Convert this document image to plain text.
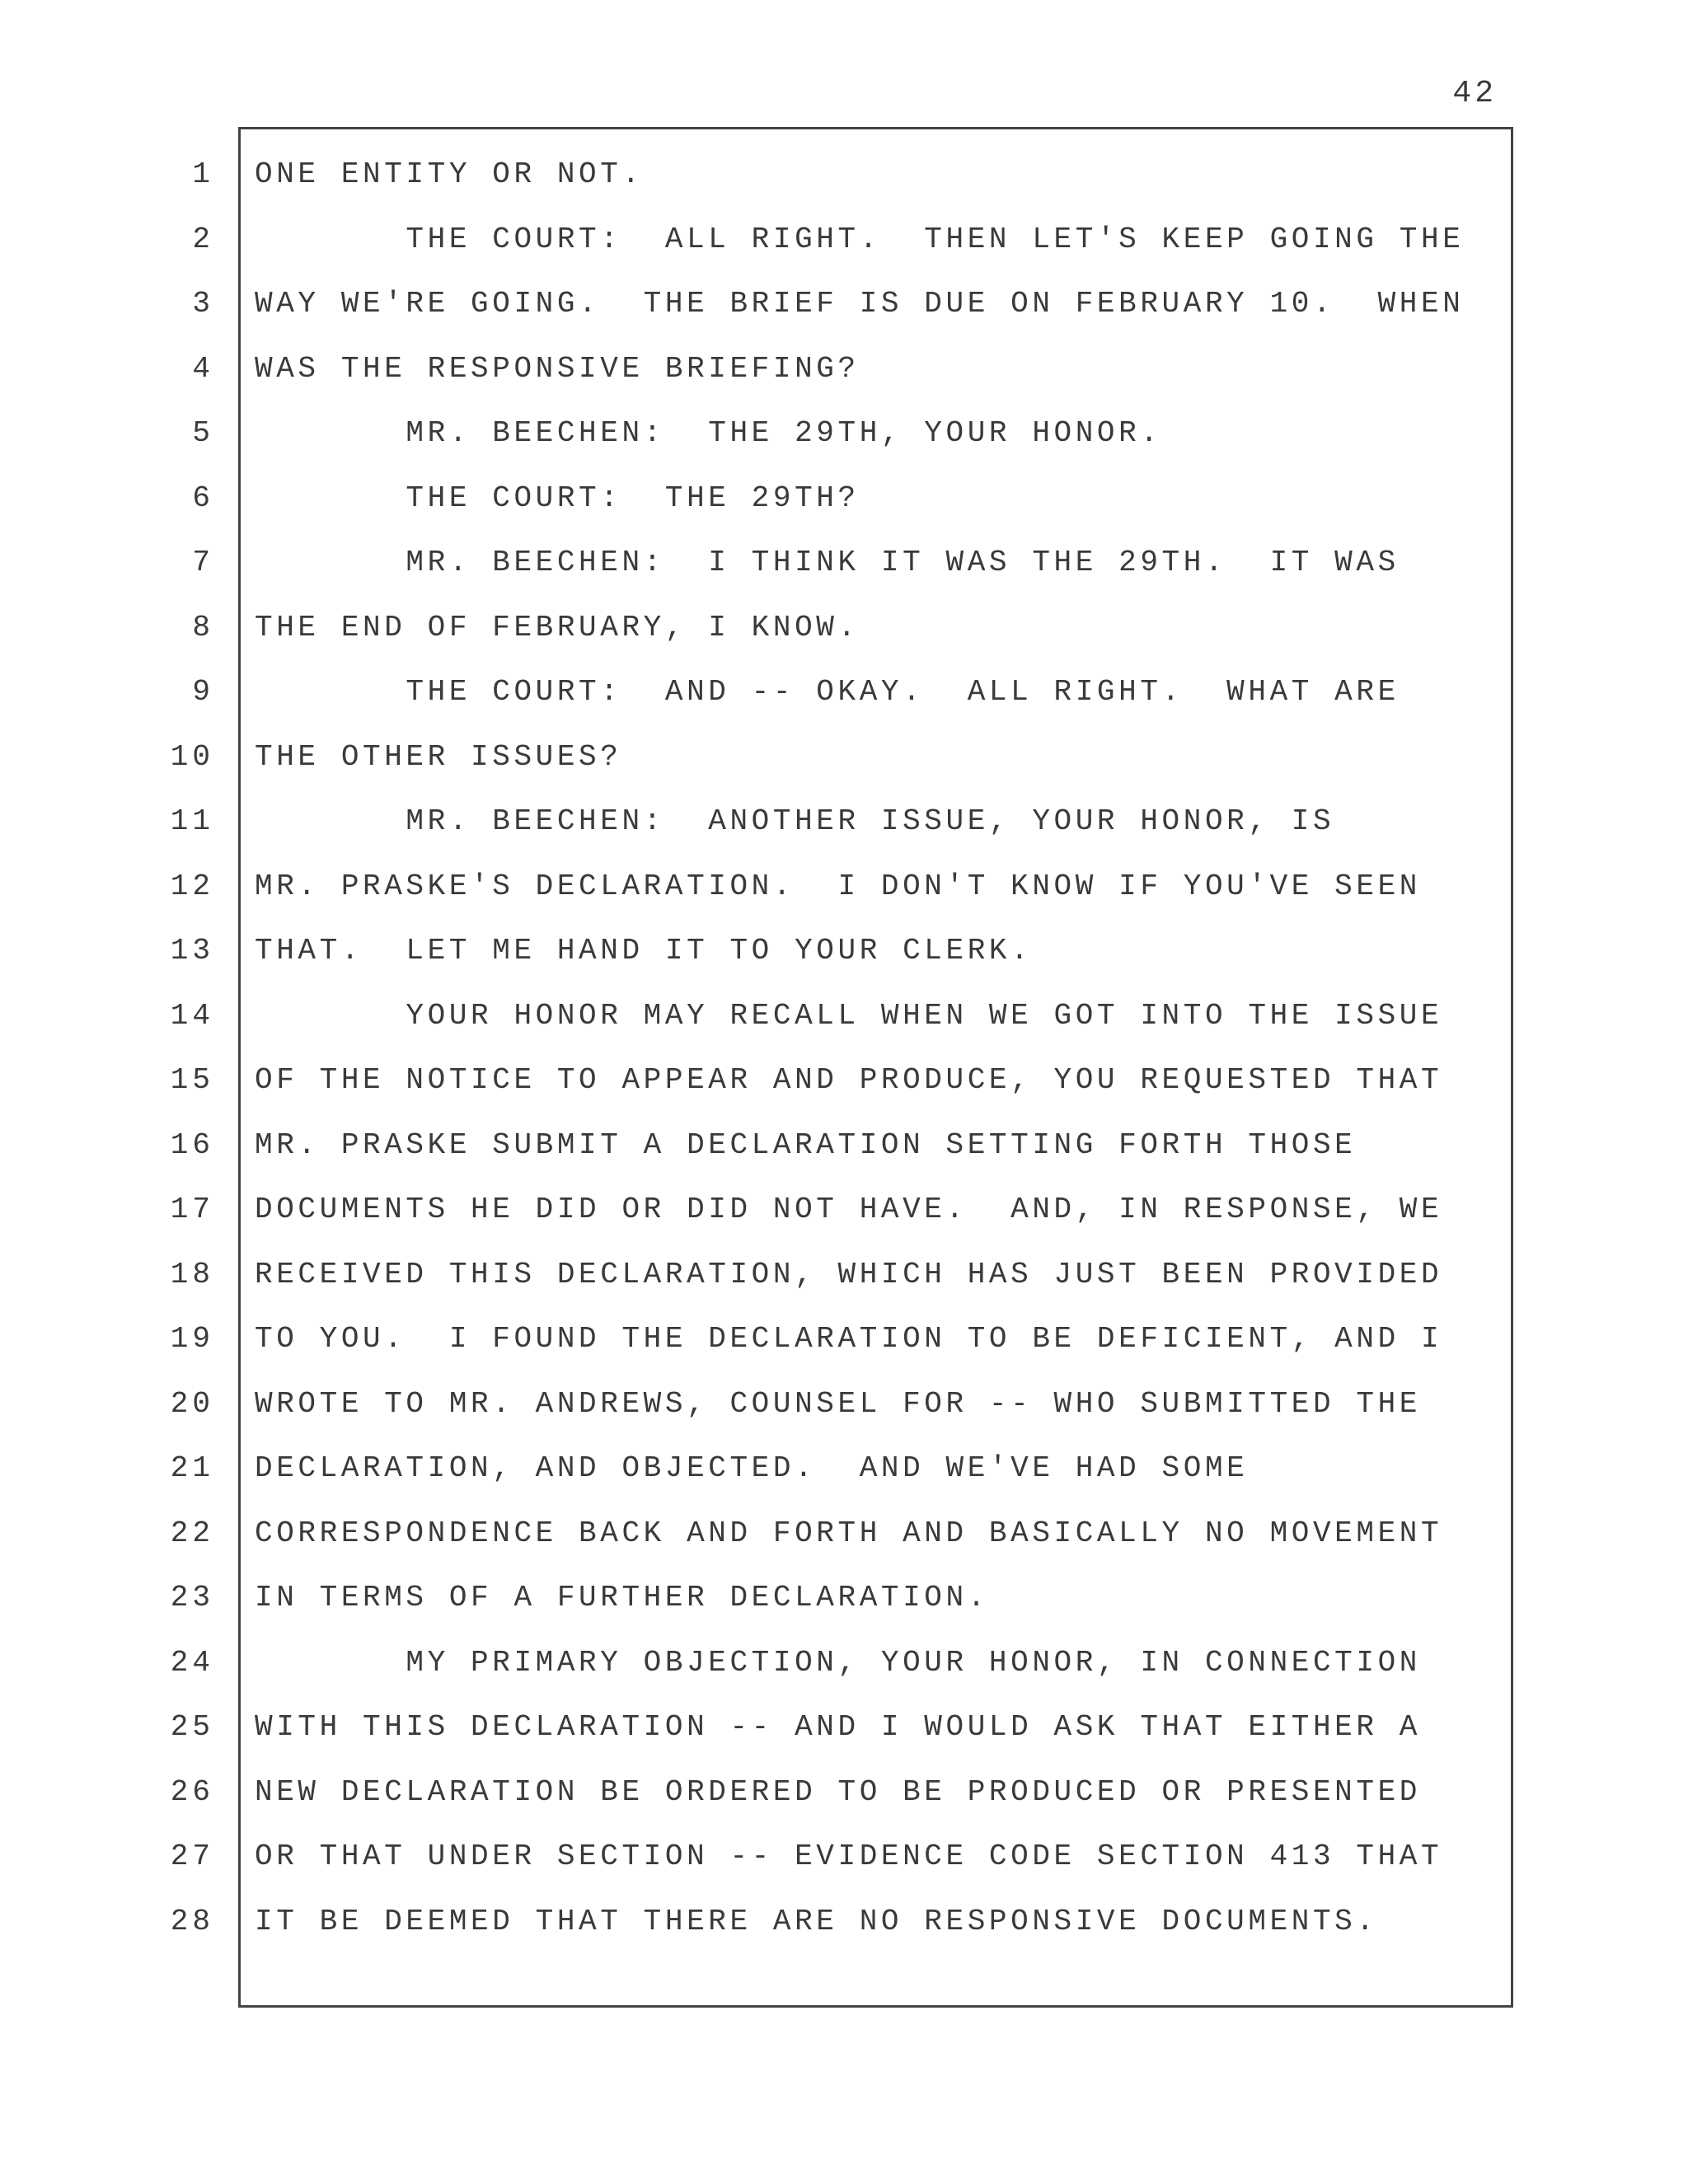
42
1
2
3
4
5
6
7
8
9
10
11
12
13
14
15
16
17
18
19
20
21
22
23
24
25
26
27
28
ONE ENTITY OR NOT.
THE COURT:  ALL RIGHT.  THEN LET'S KEEP GOING THE
WAY WE'RE GOING.  THE BRIEF IS DUE ON FEBRUARY 10.  WHEN
WAS THE RESPONSIVE BRIEFING?
MR. BEECHEN:  THE 29TH, YOUR HONOR.
THE COURT:  THE 29TH?
MR. BEECHEN:  I THINK IT WAS THE 29TH.  IT WAS
THE END OF FEBRUARY, I KNOW.
THE COURT:  AND -- OKAY.  ALL RIGHT.  WHAT ARE
THE OTHER ISSUES?
MR. BEECHEN:  ANOTHER ISSUE, YOUR HONOR, IS
MR. PRASKE'S DECLARATION.  I DON'T KNOW IF YOU'VE SEEN
THAT.  LET ME HAND IT TO YOUR CLERK.
YOUR HONOR MAY RECALL WHEN WE GOT INTO THE ISSUE
OF THE NOTICE TO APPEAR AND PRODUCE, YOU REQUESTED THAT
MR. PRASKE SUBMIT A DECLARATION SETTING FORTH THOSE
DOCUMENTS HE DID OR DID NOT HAVE.  AND, IN RESPONSE, WE
RECEIVED THIS DECLARATION, WHICH HAS JUST BEEN PROVIDED
TO YOU.  I FOUND THE DECLARATION TO BE DEFICIENT, AND I
WROTE TO MR. ANDREWS, COUNSEL FOR -- WHO SUBMITTED THE
DECLARATION, AND OBJECTED.  AND WE'VE HAD SOME
CORRESPONDENCE BACK AND FORTH AND BASICALLY NO MOVEMENT
IN TERMS OF A FURTHER DECLARATION.
MY PRIMARY OBJECTION, YOUR HONOR, IN CONNECTION
WITH THIS DECLARATION -- AND I WOULD ASK THAT EITHER A
NEW DECLARATION BE ORDERED TO BE PRODUCED OR PRESENTED
OR THAT UNDER SECTION -- EVIDENCE CODE SECTION 413 THAT
IT BE DEEMED THAT THERE ARE NO RESPONSIVE DOCUMENTS.
